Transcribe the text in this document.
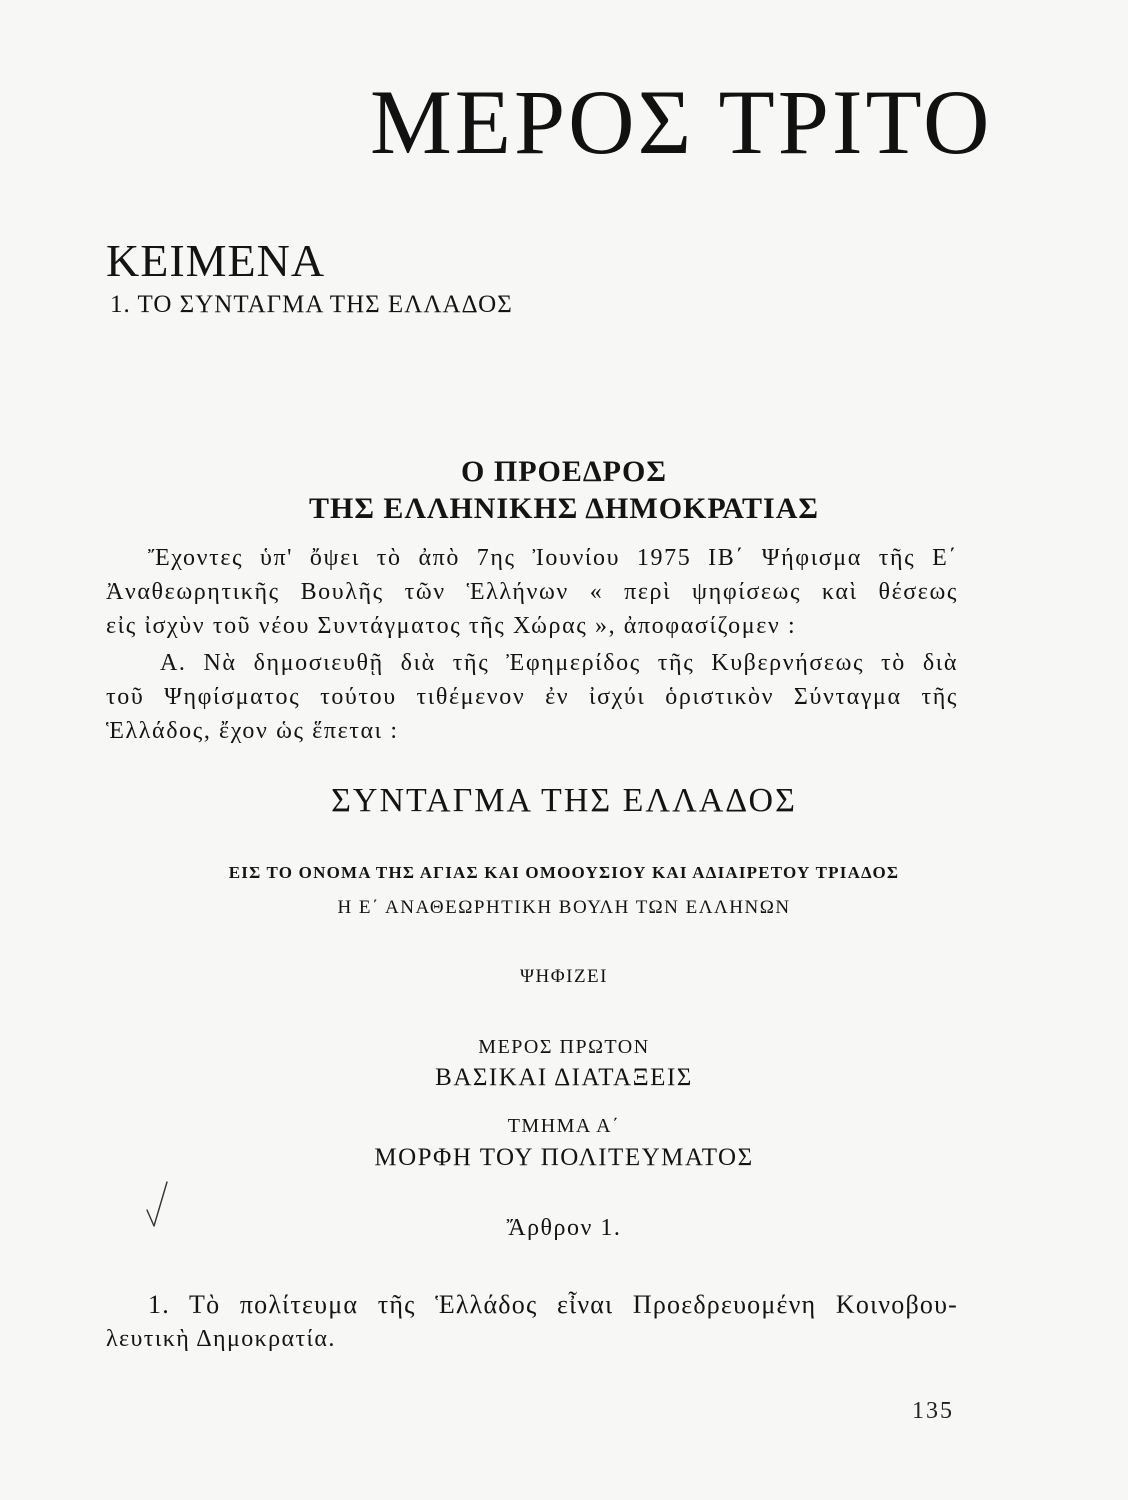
ΜΕΡΟΣ ΤΡΙΤΟ
ΚΕΙΜΕΝΑ
1. ΤΟ ΣΥΝΤΑΓΜΑ ΤΗΣ ΕΛΛΑΔΟΣ
Ο ΠΡΟΕΔΡΟΣ
ΤΗΣ ΕΛΛΗΝΙΚΗΣ ΔΗΜΟΚΡΑΤΙΑΣ
Ἔχοντες ὑπ' ὄψει τὸ ἀπὸ 7ης Ἰουνίου 1975 ΙΒ΄ Ψήφισμα τῆς Ε΄
Ἀναθεωρητικῆς Βουλῆς τῶν Ἑλλήνων « περὶ ψηφίσεως καὶ θέσεως
εἰς ἰσχὺν τοῦ νέου Συντάγματος τῆς Χώρας », ἀποφασίζομεν :
Α. Νὰ δημοσιευθῇ διὰ τῆς Ἐφημερίδος τῆς Κυβερνήσεως τὸ διὰ
τοῦ Ψηφίσματος τούτου τιθέμενον ἐν ἰσχύι ὁριστικὸν Σύνταγμα τῆς
Ἑλλάδος, ἔχον ὡς ἕπεται :
ΣΥΝΤΑΓΜΑ ΤΗΣ ΕΛΛΑΔΟΣ
ΕΙΣ ΤΟ ΟΝΟΜΑ ΤΗΣ ΑΓΙΑΣ ΚΑΙ ΟΜΟΟΥΣΙΟΥ ΚΑΙ ΑΔΙΑΙΡΕΤΟΥ ΤΡΙΑΔΟΣ
Η Ε΄ ΑΝΑΘΕΩΡΗΤΙΚΗ ΒΟΥΛΗ ΤΩΝ ΕΛΛΗΝΩΝ
ΨΗΦΙΖΕΙ
ΜΕΡΟΣ ΠΡΩΤΟΝ
ΒΑΣΙΚΑΙ ΔΙΑΤΑΞΕΙΣ
ΤΜΗΜΑ Α΄
ΜΟΡΦΗ ΤΟΥ ΠΟΛΙΤΕΥΜΑΤΟΣ
Ἄρθρον 1.
1. Τὸ πολίτευμα τῆς Ἑλλάδος εἶναι Προεδρευομένη Κοινοβου-
λευτικὴ Δημοκρατία.
135
